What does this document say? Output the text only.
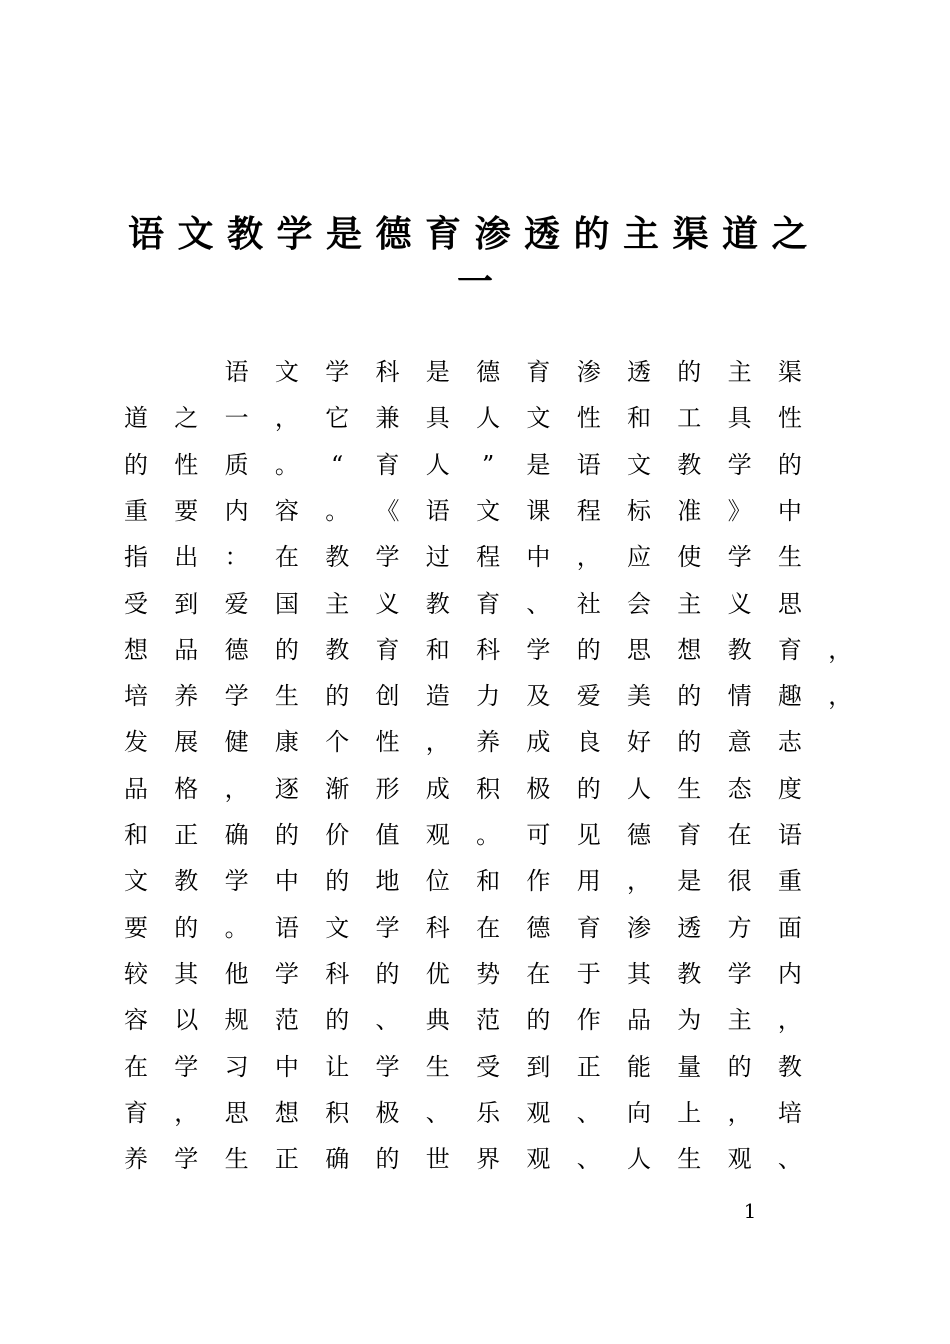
语 文 教 学 是 德 育 渗 透 的 主 渠 道 之
一
语	文	学	科	是	德	育	渗	透	的	主	渠
道	之	一	，	它	兼	具	人	文	性	和	工	具	性
的	性	质	。	“	育	人	”	是	语	文	教	学	的
重	要	内	容	。	《	语	文	课	程	标	准	》	中
指	出	：	在	教	学	过	程	中	，	应	使	学	生
受	到	爱	国	主	义	教	育	、	社	会	主	义	思
想	品	德	的	教	育	和	科	学	的	思	想	教	育	，
培	养	学	生	的	创	造	力	及	爱	美	的	情	趣	，
发	展	健	康	个	性	，	养	成	良	好	的	意	志
品	格	，	逐	渐	形	成	积	极	的	人	生	态	度
和	正	确	的	价	值	观	。	可	见	德	育	在	语
文	教	学	中	的	地	位	和	作	用	，	是	很	重
要	的	。	语	文	学	科	在	德	育	渗	透	方	面
较	其	他	学	科	的	优	势	在	于	其	教	学	内
容	以	规	范	的	、	典	范	的	作	品	为	主	，
在	学	习	中	让	学	生	受	到	正	能	量	的	教
育	，	思	想	积	极	、	乐	观	、	向	上	，	培
养	学	生	正	确	的	世	界	观	、	人	生	观	、
1
